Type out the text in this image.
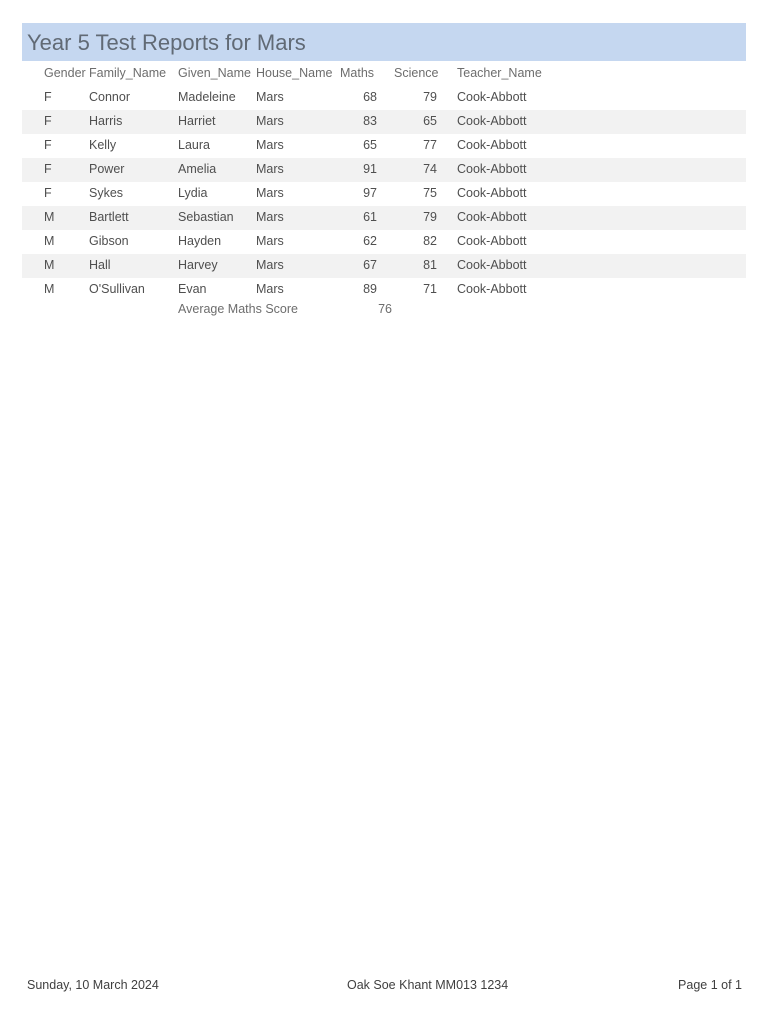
Year 5 Test Reports for Mars
Gender Family_Name Given_Name House_Name Maths Science Teacher_Name
F	Connor	Madeleine Mars	68	79 Cook-Abbott
F	Harris	Harriet	Mars	83	65 Cook-Abbott
F	Kelly	Laura	Mars	65	77 Cook-Abbott
F	Power	Amelia	Mars	91	74 Cook-Abbott
F	Sykes	Lydia	Mars	97	75 Cook-Abbott
M	Bartlett	Sebastian Mars	61	79 Cook-Abbott
M	Gibson	Hayden	Mars	62	82 Cook-Abbott
M	Hall	Harvey	Mars	67	81 Cook-Abbott
M	O'Sullivan	Evan	Mars	89	71 Cook-Abbott
Average Maths Score	76
Sunday, 10 March 2024	Oak Soe Khant MM013 1234	Page 1 of 1
